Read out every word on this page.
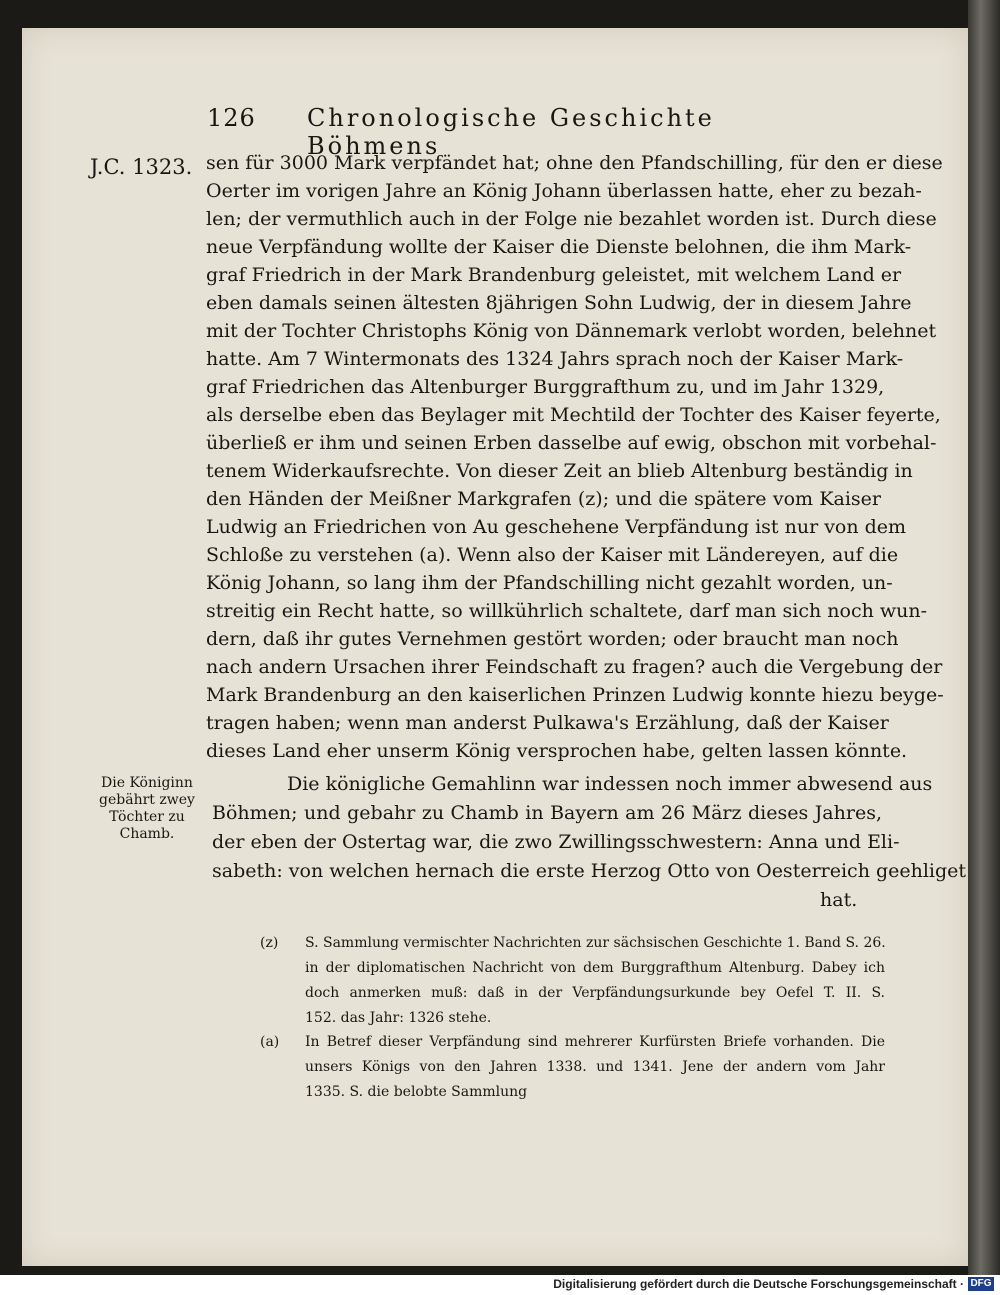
126 Chronologische Geschichte Böhmens
J.C. 1323.
Die Königinn
gebährt zwey
Töchter zu
Chamb.
sen für 3000 Mark verpfändet hat; ohne den Pfandschilling, für den er diese
Oerter im vorigen Jahre an König Johann überlassen hatte, eher zu bezah-
len; der vermuthlich auch in der Folge nie bezahlet worden ist. Durch diese
neue Verpfändung wollte der Kaiser die Dienste belohnen, die ihm Mark-
graf Friedrich in der Mark Brandenburg geleistet, mit welchem Land er
eben damals seinen ältesten 8jährigen Sohn Ludwig, der in diesem Jahre
mit der Tochter Christophs König von Dännemark verlobt worden, belehnet
hatte. Am 7 Wintermonats des 1324 Jahrs sprach noch der Kaiser Mark-
graf Friedrichen das Altenburger Burggrafthum zu, und im Jahr 1329,
als derselbe eben das Beylager mit Mechtild der Tochter des Kaiser feyerte,
überließ er ihm und seinen Erben dasselbe auf ewig, obschon mit vorbehal-
tenem Widerkaufsrechte. Von dieser Zeit an blieb Altenburg beständig in
den Händen der Meißner Markgrafen (z); und die spätere vom Kaiser
Ludwig an Friedrichen von Au geschehene Verpfändung ist nur von dem
Schloße zu verstehen (a). Wenn also der Kaiser mit Ländereyen, auf die
König Johann, so lang ihm der Pfandschilling nicht gezahlt worden, un-
streitig ein Recht hatte, so willkührlich schaltete, darf man sich noch wun-
dern, daß ihr gutes Vernehmen gestört worden; oder braucht man noch
nach andern Ursachen ihrer Feindschaft zu fragen? auch die Vergebung der
Mark Brandenburg an den kaiserlichen Prinzen Ludwig konnte hiezu beyge-
tragen haben; wenn man anderst Pulkawa's Erzählung, daß der Kaiser
dieses Land eher unserm König versprochen habe, gelten lassen könnte.
Die königliche Gemahlinn war indessen noch immer abwesend aus
Böhmen; und gebahr zu Chamb in Bayern am 26 März dieses Jahres,
der eben der Ostertag war, die zwo Zwillingsschwestern: Anna und Eli-
sabeth: von welchen hernach die erste Herzog Otto von Oesterreich geehliget
hat.
(z) S. Sammlung vermischter Nachrichten zur sächsischen Geschichte 1. Band S. 26.
in der diplomatischen Nachricht von dem Burggrafthum Altenburg. Dabey ich
doch anmerken muß: daß in der Verpfändungsurkunde bey Oefel T. II. S.
152. das Jahr: 1326 stehe.
(a) In Betref dieser Verpfändung sind mehrerer Kurfürsten Briefe vorhanden. Die
unsers Königs von den Jahren 1338. und 1341. Jene der andern vom Jahr
1335. S. die belobte Sammlung
Digitalisierung gefördert durch die Deutsche Forschungsgemeinschaft · DFG
